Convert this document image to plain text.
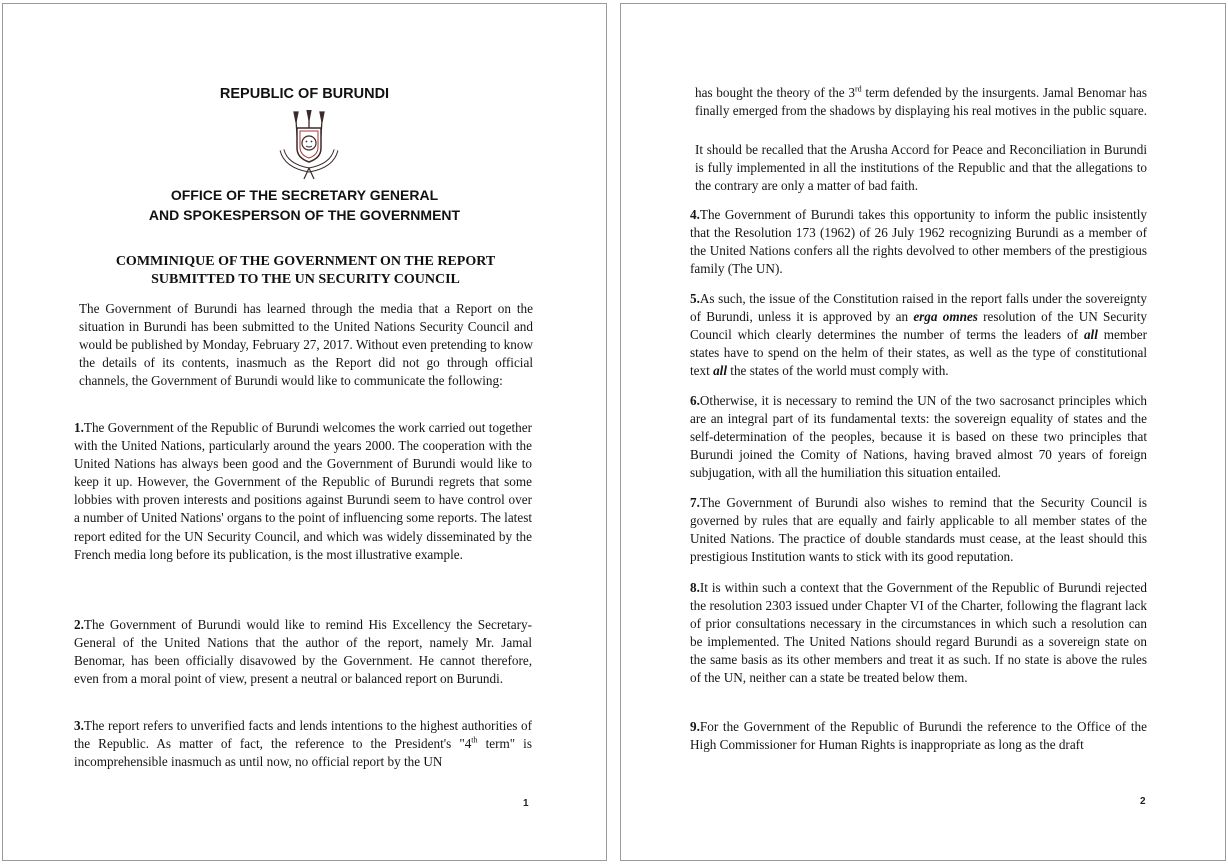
REPUBLIC OF BURUNDI
OFFICE OF THE SECRETARY GENERAL
AND SPOKESPERSON OF THE GOVERNMENT
COMMINIQUE OF THE GOVERNMENT ON THE REPORT
SUBMITTED TO THE UN SECURITY COUNCIL
The Government of Burundi has learned through the media that a Report on the situation in Burundi has been submitted to the United Nations Security Council and would be published by Monday, February 27, 2017. Without even pretending to know the details of its contents, inasmuch as the Report did not go through official channels, the Government of Burundi would like to communicate the following:
1.The Government of the Republic of Burundi welcomes the work carried out together with the United Nations, particularly around the years 2000. The cooperation with the United Nations has always been good and the Government of Burundi would like to keep it up. However, the Government of the Republic of Burundi regrets that some lobbies with proven interests and positions against Burundi seem to have control over a number of United Nations' organs to the point of influencing some reports. The latest report edited for the UN Security Council, and which was widely disseminated by the French media long before its publication, is the most illustrative example.
2.The Government of Burundi would like to remind His Excellency the Secretary-General of the United Nations that the author of the report, namely Mr. Jamal Benomar, has been officially disavowed by the Government. He cannot therefore, even from a moral point of view, present a neutral or balanced report on Burundi.
3.The report refers to unverified facts and lends intentions to the highest authorities of the Republic. As matter of fact, the reference to the President's "4th term" is incomprehensible inasmuch as until now, no official report by the UN
1
has bought the theory of the 3rd term defended by the insurgents. Jamal Benomar has finally emerged from the shadows by displaying his real motives in the public square.
It should be recalled that the Arusha Accord for Peace and Reconciliation in Burundi is fully implemented in all the institutions of the Republic and that the allegations to the contrary are only a matter of bad faith.
4.The Government of Burundi takes this opportunity to inform the public insistently that the Resolution 173 (1962) of 26 July 1962 recognizing Burundi as a member of the United Nations confers all the rights devolved to other members of the prestigious family (The UN).
5.As such, the issue of the Constitution raised in the report falls under the sovereignty of Burundi, unless it is approved by an erga omnes resolution of the UN Security Council which clearly determines the number of terms the leaders of all member states have to spend on the helm of their states, as well as the type of constitutional text all the states of the world must comply with.
6.Otherwise, it is necessary to remind the UN of the two sacrosanct principles which are an integral part of its fundamental texts: the sovereign equality of states and the self-determination of the peoples, because it is based on these two principles that Burundi joined the Comity of Nations, having braved almost 70 years of foreign subjugation, with all the humiliation this situation entailed.
7.The Government of Burundi also wishes to remind that the Security Council is governed by rules that are equally and fairly applicable to all member states of the United Nations. The practice of double standards must cease, at the least should this prestigious Institution wants to stick with its good reputation.
8.It is within such a context that the Government of the Republic of Burundi rejected the resolution 2303 issued under Chapter VI of the Charter, following the flagrant lack of prior consultations necessary in the circumstances in which such a resolution can be implemented. The United Nations should regard Burundi as a sovereign state on the same basis as its other members and treat it as such. If no state is above the rules of the UN, neither can a state be treated below them.
9.For the Government of the Republic of Burundi the reference to the Office of the High Commissioner for Human Rights is inappropriate as long as the draft
2
